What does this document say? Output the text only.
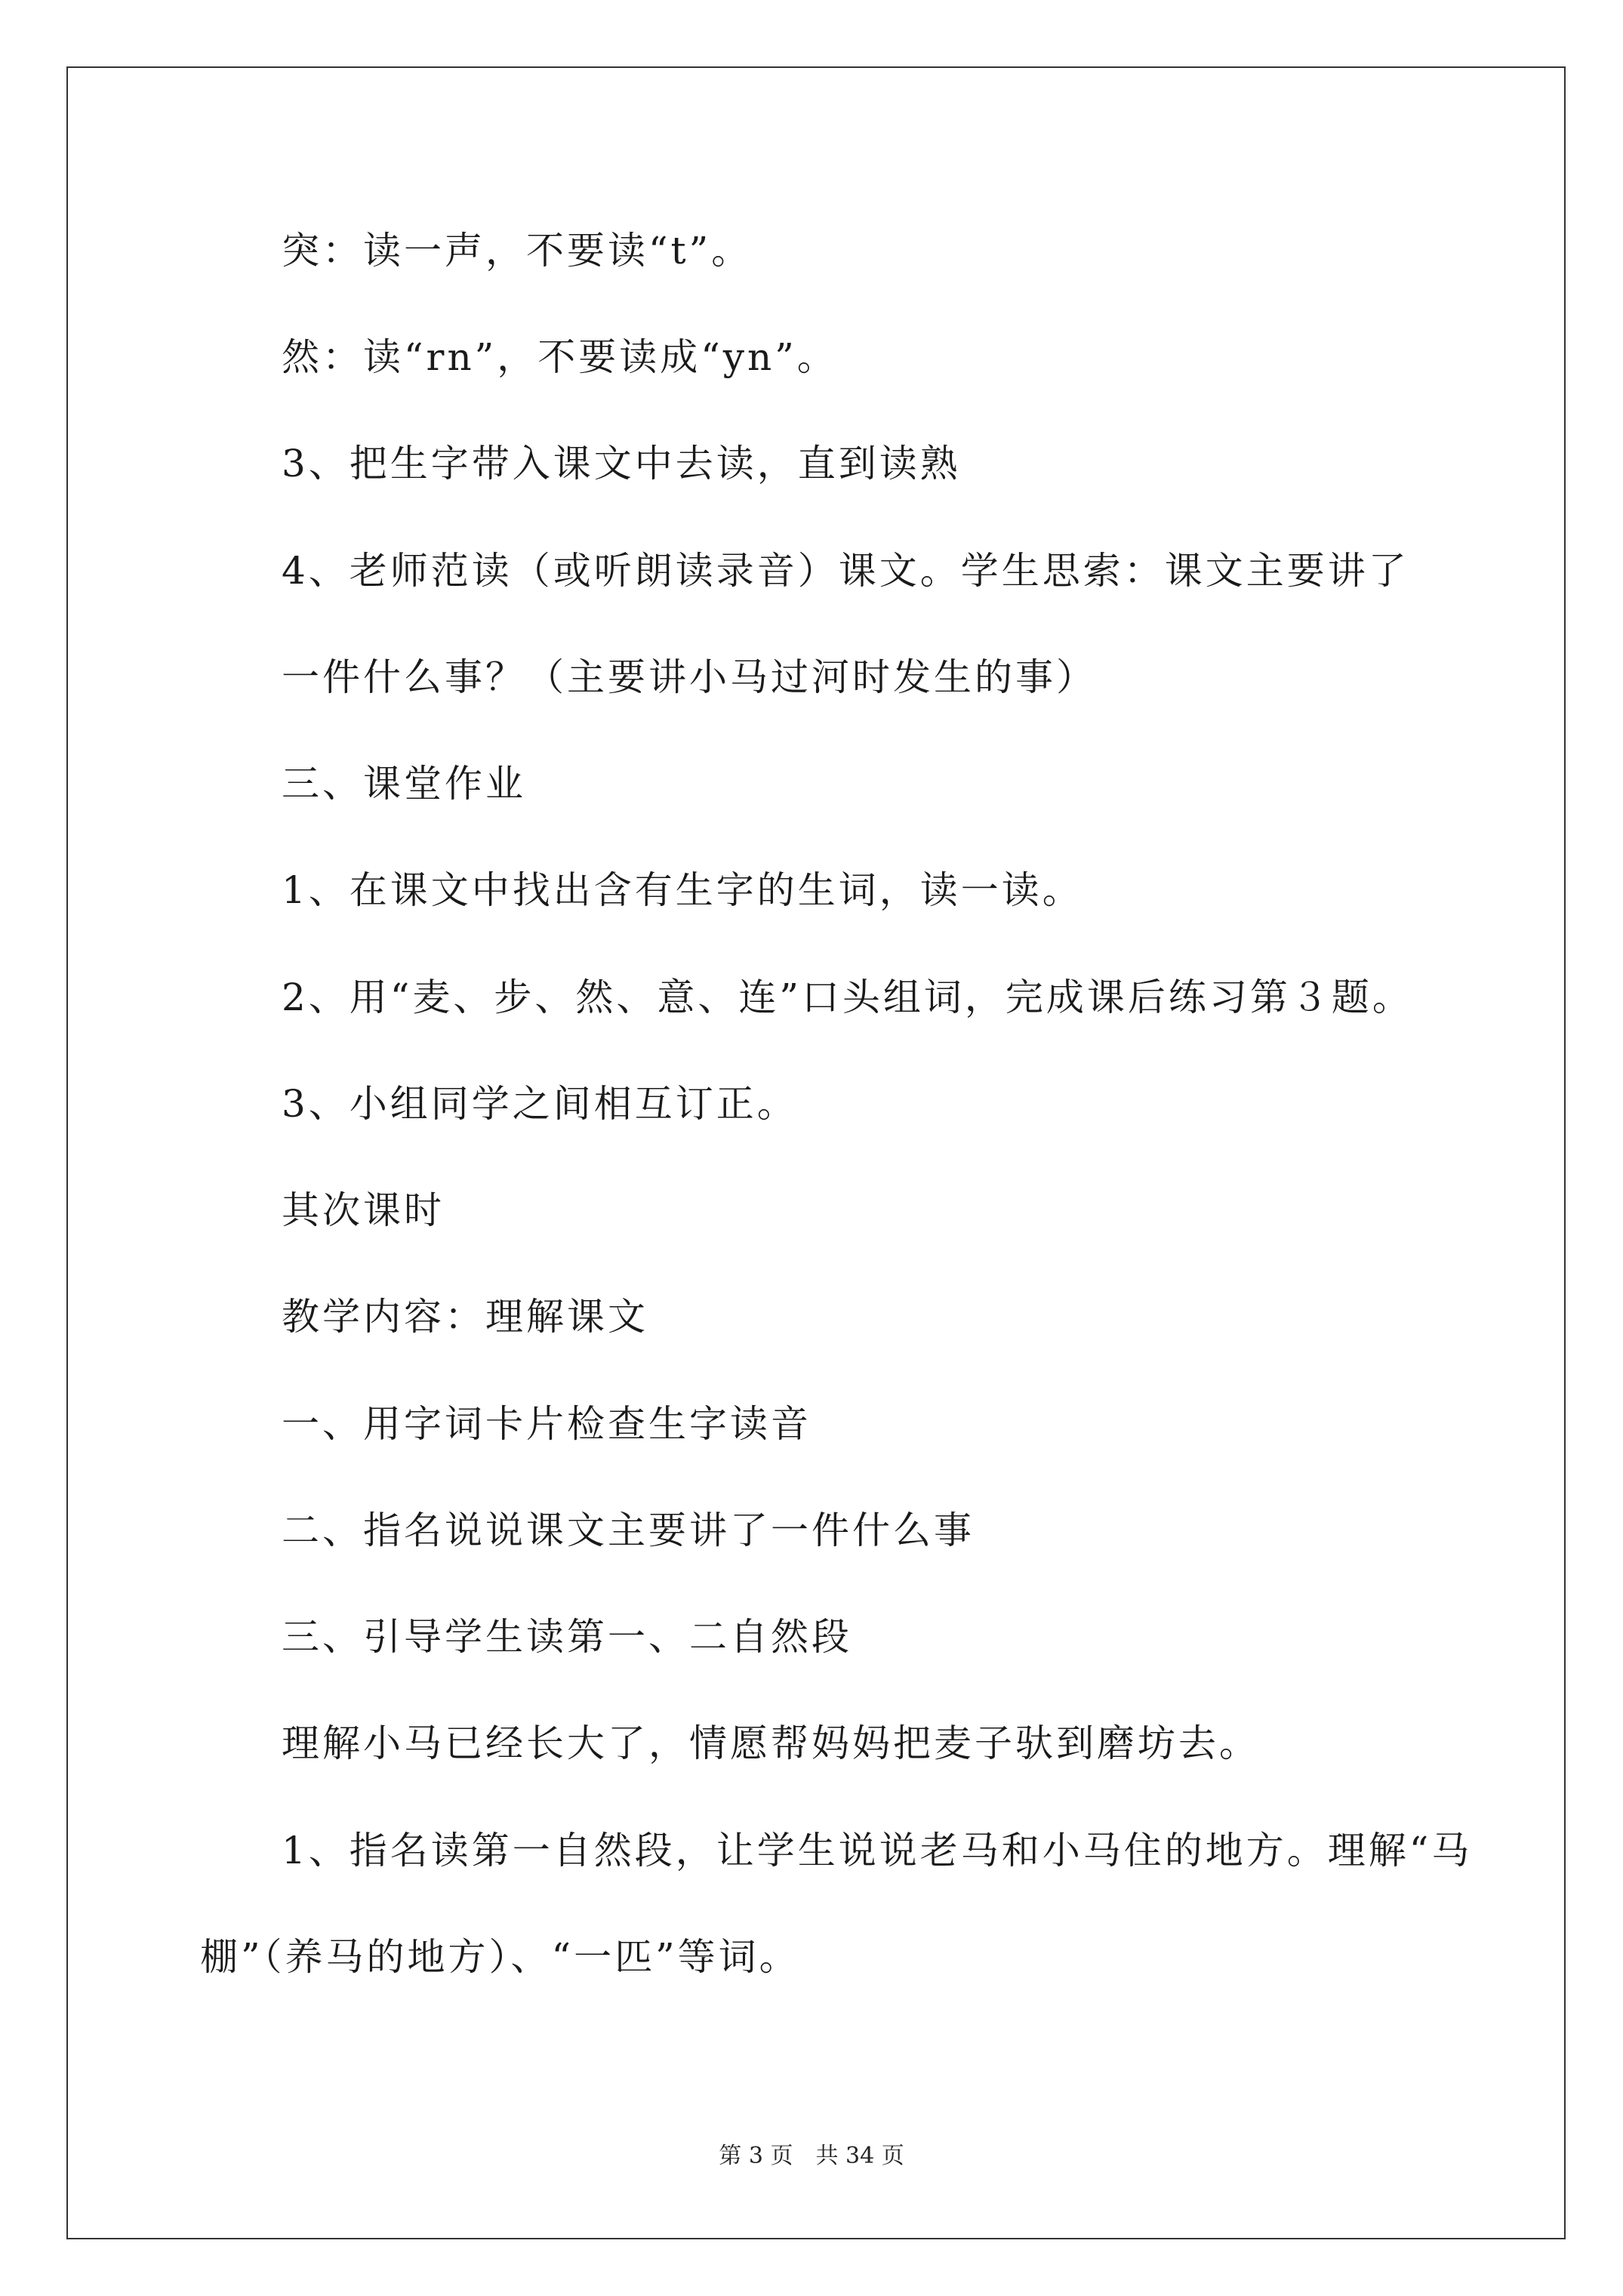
突：读一声，不要读“t”。
然：读“rn”，不要读成“yn”。
3、把生字带入课文中去读，直到读熟
4、老师范读（或听朗读录音）课文。学生思索：课文主要讲了
一件什么事？（主要讲小马过河时发生的事）
三、课堂作业
1、在课文中找出含有生字的生词，读一读。
2、用“麦、步、然、意、连”口头组词，完成课后练习第３题。
3、小组同学之间相互订正。
其次课时
教学内容：理解课文
一、用字词卡片检查生字读音
二、指名说说课文主要讲了一件什么事
三、引导学生读第一、二自然段
理解小马已经长大了，情愿帮妈妈把麦子驮到磨坊去。
1、指名读第一自然段，让学生说说老马和小马住的地方。理解“马
棚”（养马的地方）、“一匹”等词。
第 3 页　共 34 页
